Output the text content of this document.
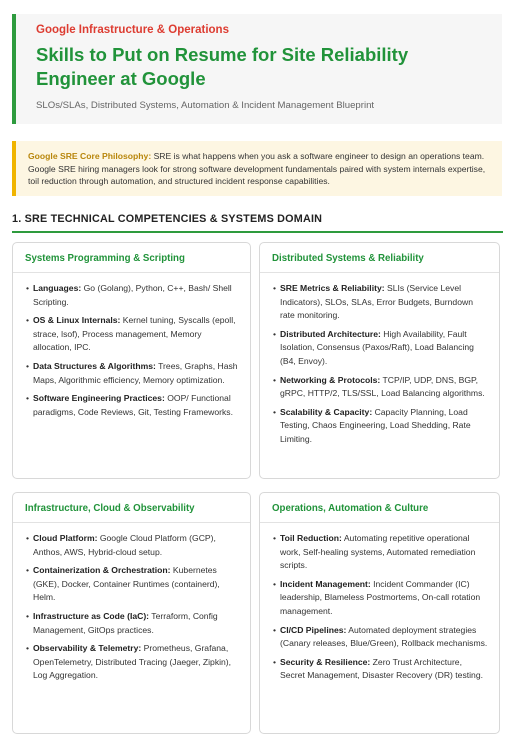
Google Infrastructure & Operations
Skills to Put on Resume for Site Reliability Engineer at Google
SLOs/SLAs, Distributed Systems, Automation & Incident Management Blueprint
Google SRE Core Philosophy: SRE is what happens when you ask a software engineer to design an operations team. Google SRE hiring managers look for strong software development fundamentals paired with system internals expertise, toil reduction through automation, and structured incident response capabilities.
1. SRE TECHNICAL COMPETENCIES & SYSTEMS DOMAIN
Systems Programming & Scripting
• Languages: Go (Golang), Python, C++, Bash/ Shell Scripting.
• OS & Linux Internals: Kernel tuning, Syscalls (epoll, strace, lsof), Process management, Memory allocation, IPC.
• Data Structures & Algorithms: Trees, Graphs, Hash Maps, Algorithmic efficiency, Memory optimization.
• Software Engineering Practices: OOP/ Functional paradigms, Code Reviews, Git, Testing Frameworks.
Distributed Systems & Reliability
• SRE Metrics & Reliability: SLIs (Service Level Indicators), SLOs, SLAs, Error Budgets, Burndown rate monitoring.
• Distributed Architecture: High Availability, Fault Isolation, Consensus (Paxos/Raft), Load Balancing (B4, Envoy).
• Networking & Protocols: TCP/IP, UDP, DNS, BGP, gRPC, HTTP/2, TLS/SSL, Load Balancing algorithms.
• Scalability & Capacity: Capacity Planning, Load Testing, Chaos Engineering, Load Shedding, Rate Limiting.
Infrastructure, Cloud & Observability
• Cloud Platform: Google Cloud Platform (GCP), Anthos, AWS, Hybrid-cloud setup.
• Containerization & Orchestration: Kubernetes (GKE), Docker, Container Runtimes (containerd), Helm.
• Infrastructure as Code (IaC): Terraform, Config Management, GitOps practices.
• Observability & Telemetry: Prometheus, Grafana, OpenTelemetry, Distributed Tracing (Jaeger, Zipkin), Log Aggregation.
Operations, Automation & Culture
• Toil Reduction: Automating repetitive operational work, Self-healing systems, Automated remediation scripts.
• Incident Management: Incident Commander (IC) leadership, Blameless Postmortems, On-call rotation management.
• CI/CD Pipelines: Automated deployment strategies (Canary releases, Blue/Green), Rollback mechanisms.
• Security & Resilience: Zero Trust Architecture, Secret Management, Disaster Recovery (DR) testing.
